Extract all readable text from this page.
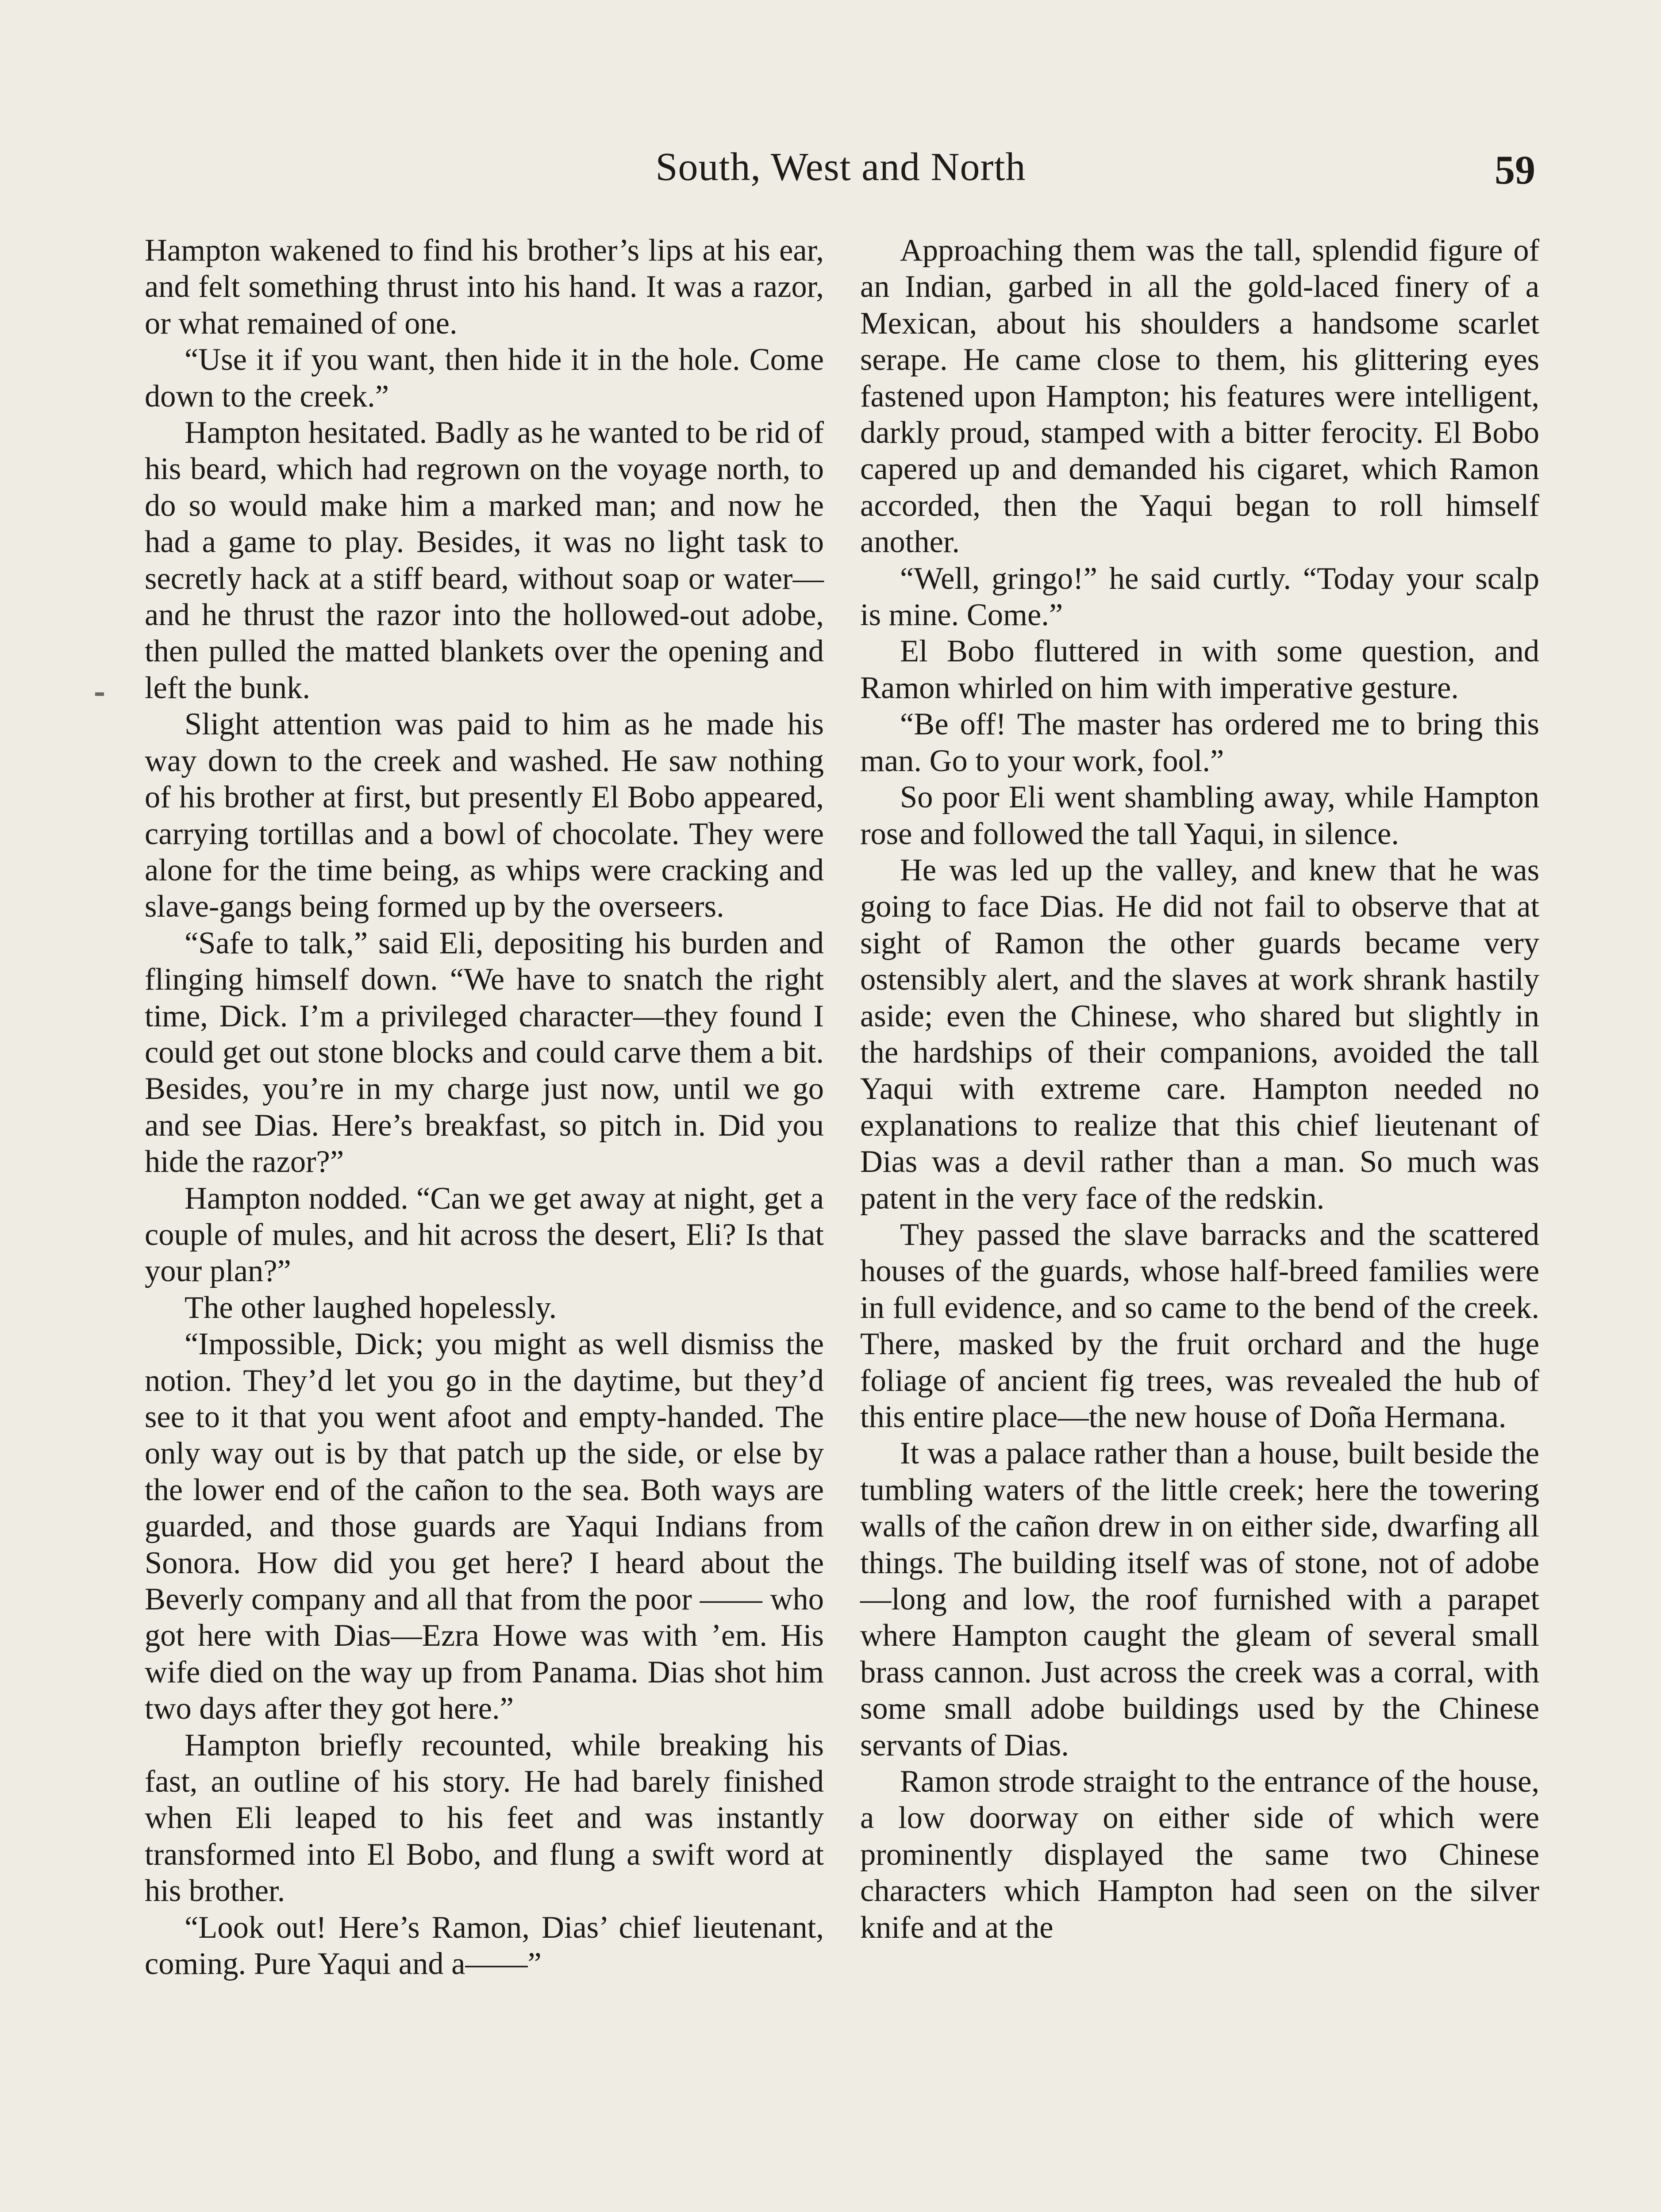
South, West and North	59

Hampton wakened to find his brother’s lips at his ear, and felt something thrust into his hand. It was a razor, or what remained of one.

“Use it if you want, then hide it in the hole. Come down to the creek.”

Hampton hesitated. Badly as he wanted to be rid of his beard, which had regrown on the voyage north, to do so would make him a marked man; and now he had a game to play. Besides, it was no light task to secretly hack at a stiff beard, without soap or water—and he thrust the razor into the hollowed-out adobe, then pulled the matted blankets over the opening and left the bunk.

Slight attention was paid to him as he made his way down to the creek and washed. He saw nothing of his brother at first, but presently El Bobo appeared, carrying tortillas and a bowl of chocolate. They were alone for the time being, as whips were cracking and slave-gangs being formed up by the overseers.

“Safe to talk,” said Eli, depositing his burden and flinging himself down. “We have to snatch the right time, Dick. I’m a privileged character—they found I could get out stone blocks and could carve them a bit. Besides, you’re in my charge just now, until we go and see Dias. Here’s breakfast, so pitch in. Did you hide the razor?”

Hampton nodded. “Can we get away at night, get a couple of mules, and hit across the desert, Eli? Is that your plan?”

The other laughed hopelessly.

“Impossible, Dick; you might as well dismiss the notion. They’d let you go in the daytime, but they’d see to it that you went afoot and empty-handed. The only way out is by that patch up the side, or else by the lower end of the cañon to the sea. Both ways are guarded, and those guards are Yaqui Indians from Sonora. How did you get here? I heard about the Beverly company and all that from the poor —— who got here with Dias—Ezra Howe was with ’em. His wife died on the way up from Panama. Dias shot him two days after they got here.”

Hampton briefly recounted, while breaking his fast, an outline of his story. He had barely finished when Eli leaped to his feet and was instantly transformed into El Bobo, and flung a swift word at his brother.

“Look out! Here’s Ramon, Dias’ chief lieutenant, coming. Pure Yaqui and a——”

Approaching them was the tall, splendid figure of an Indian, garbed in all the gold-laced finery of a Mexican, about his shoulders a handsome scarlet serape. He came close to them, his glittering eyes fastened upon Hampton; his features were intelligent, darkly proud, stamped with a bitter ferocity. El Bobo capered up and demanded his cigaret, which Ramon accorded, then the Yaqui began to roll himself another.

“Well, gringo!” he said curtly. “Today your scalp is mine. Come.”

El Bobo fluttered in with some question, and Ramon whirled on him with imperative gesture.

“Be off! The master has ordered me to bring this man. Go to your work, fool.”

So poor Eli went shambling away, while Hampton rose and followed the tall Yaqui, in silence.

He was led up the valley, and knew that he was going to face Dias. He did not fail to observe that at sight of Ramon the other guards became very ostensibly alert, and the slaves at work shrank hastily aside; even the Chinese, who shared but slightly in the hardships of their companions, avoided the tall Yaqui with extreme care. Hampton needed no explanations to realize that this chief lieutenant of Dias was a devil rather than a man. So much was patent in the very face of the redskin.

They passed the slave barracks and the scattered houses of the guards, whose half-breed families were in full evidence, and so came to the bend of the creek. There, masked by the fruit orchard and the huge foliage of ancient fig trees, was revealed the hub of this entire place—the new house of Doña Hermana.

It was a palace rather than a house, built beside the tumbling waters of the little creek; here the towering walls of the cañon drew in on either side, dwarfing all things. The building itself was of stone, not of adobe—long and low, the roof furnished with a parapet where Hampton caught the gleam of several small brass cannon. Just across the creek was a corral, with some small adobe buildings used by the Chinese servants of Dias.

Ramon strode straight to the entrance of the house, a low doorway on either side of which were prominently displayed the same two Chinese characters which Hampton had seen on the silver knife and at the
